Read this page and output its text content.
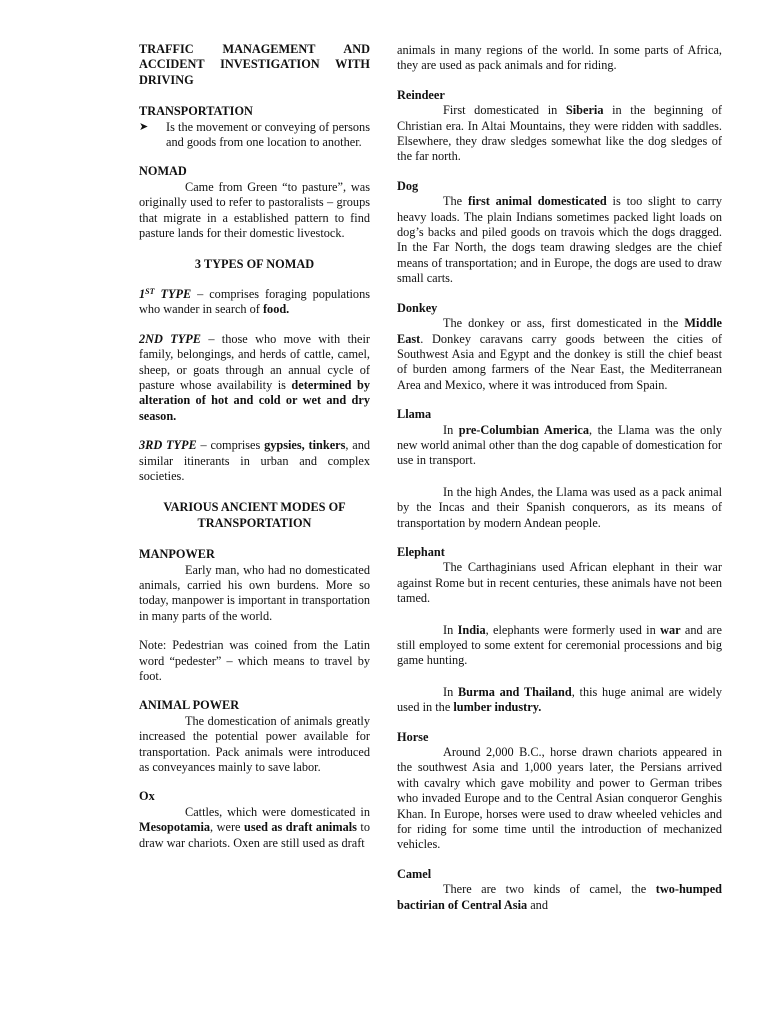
TRAFFIC MANAGEMENT AND ACCIDENT INVESTIGATION WITH DRIVING
TRANSPORTATION
➤	Is the movement or conveying of persons and goods from one location to another.
NOMAD

Came from Green “to pasture”, was originally used to refer to pastoralists – groups that migrate in a established pattern to find pasture lands for their domestic livestock.

3 TYPES OF NOMAD

1ST TYPE – comprises foraging populations who wander in search of food.

2ND TYPE – those who move with their family, belongings, and herds of cattle, camel, sheep, or goats through an annual cycle of pasture whose availability is determined by alteration of hot and cold or wet and dry season.

3RD TYPE – comprises gypsies, tinkers, and similar itinerants in urban and complex societies.

VARIOUS ANCIENT MODES OF TRANSPORTATION
MANPOWER

Early man, who had no domesticated animals, carried his own burdens. More so today, manpower is important in transportation in many parts of the world.

Note: Pedestrian was coined from the Latin word “pedester” – which means to travel by foot.

ANIMAL POWER

The domestication of animals greatly increased the potential power available for transportation. Pack animals were introduced as conveyances mainly to save labor.

Ox

Cattles, which were domesticated in Mesopotamia, were used as draft animals to draw war chariots. Oxen are still used as draft

animals in many regions of the world. In some parts of Africa, they are used as pack animals and for riding.

Reindeer

First domesticated in Siberia in the beginning of Christian era. In Altai Mountains, they were ridden with saddles. Elsewhere, they draw sledges somewhat like the dog sledges of the far north.

Dog

The first animal domesticated is too slight to carry heavy loads. The plain Indians sometimes packed light loads on dog’s backs and piled goods on travois which the dogs dragged. In the Far North, the dogs team drawing sledges are the chief means of transportation; and in Europe, the dogs are used to draw small carts.

Donkey

The donkey or ass, first domesticated in the Middle East. Donkey caravans carry goods between the cities of Southwest Asia and Egypt and the donkey is still the chief beast of burden among farmers of the Near East, the Mediterranean Area and Mexico, where it was introduced from Spain.

Llama

In pre-Columbian America, the Llama was the only new world animal other than the dog capable of domestication for use in transport.

In the high Andes, the Llama was used as a pack animal by the Incas and their Spanish conquerors, as its means of transportation by modern Andean people.

Elephant

The Carthaginians used African elephant in their war against Rome but in recent centuries, these animals have not been tamed.

In India, elephants were formerly used in war and are still employed to some extent for ceremonial processions and big game hunting.

In Burma and Thailand, this huge animal are widely used in the lumber industry.

Horse

Around 2,000 B.C., horse drawn chariots appeared in the southwest Asia and 1,000 years later, the Persians arrived with cavalry which gave mobility and power to German tribes who invaded Europe and to the Central Asian conqueror Genghis Khan. In Europe, horses were used to draw wheeled vehicles and for riding for some time until the introduction of mechanized vehicles.

Camel

There are two kinds of camel, the two-humped bactirian of Central Asia and
